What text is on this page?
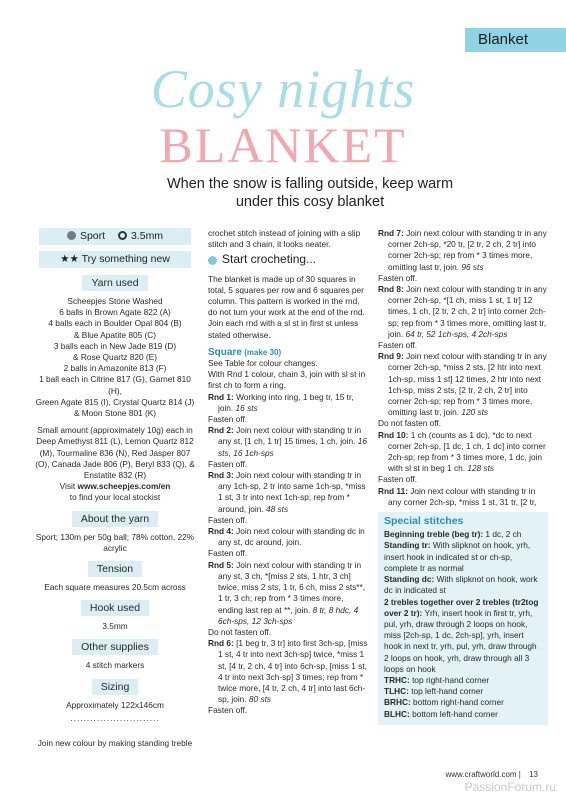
Blanket
Cosy nights
BLANKET
When the snow is falling outside, keep warm under this cosy blanket
Sport 3.5mm
★★ Try something new
Yarn used
Scheepjes Stone Washed
6 balls in Brown Agate 822 (A)
4 balls each in Boulder Opal 804 (B)
& Blue Apatite 805 (C)
3 balls each in New Jade 819 (D)
& Rose Quartz 820 (E)
2 balls in Amazonite 813 (F)
1 ball each in Citrine 817 (G), Garnet 810 (H),
Green Agate 815 (I), Crystal Quartz 814 (J)
& Moon Stone 801 (K)
Small amount (approximately 10g) each in Deep Amethyst 811 (L), Lemon Quartz 812 (M), Tourmaline 836 (N), Red Jasper 807 (O), Canada Jade 806 (P), Beryl 833 (Q), & Enstatite 832 (R)
Visit www.scheepjes.com/en
to find your local stockist
About the yarn
Sport; 130m per 50g ball; 78% cotton, 22% acrylic
Tension
Each square measures 20.5cm across
Hook used
3.5mm
Other supplies
4 stitch markers
Sizing
Approximately 122x146cm
...........................
Join new colour by making standing treble
crochet stitch instead of joining with a slip stitch and 3 chain, it looks neater.
Start crocheting...
The blanket is made up of 30 squares in total, 5 squares per row and 6 squares per column. This pattern is worked in the rnd, do not turn your work at the end of the rnd. Join each rnd with a sl st in first st unless stated otherwise.
Square (make 30)
See Table for colour changes.
With Rnd 1 colour, chain 3, join with sl st in first ch to form a ring.
Rnd 1: Working into ring, 1 beg tr, 15 tr, join. 16 sts
Fasten off.
Rnd 2: Join next colour with standing tr in any st, [1 ch, 1 tr] 15 times, 1 ch, join. 16 sts, 16 1ch-sps
Fasten off.
Rnd 3: Join next colour with standing tr in any 1ch-sp, 2 tr into same 1ch-sp, *miss 1 st, 3 tr into next 1ch-sp; rep from * around, join. 48 sts
Fasten off.
Rnd 4: Join next colour with standing dc in any st, dc around, join.
Fasten off.
Rnd 5: Join next colour with standing tr in any st, 3 ch, *[miss 2 sts, 1 htr, 3 ch] twice, miss 2 sts, 1 tr, 6 ch, miss 2 sts**, 1 tr, 3 ch; rep from * 3 times more, ending last rep at **, join. 8 tr, 8 hdc, 4 6ch-sps, 12 3ch-sps
Do not fasten off.
Rnd 6: [1 beg tr, 3 tr] into first 3ch-sp, [miss 1 st, 4 tr into next 3ch-sp] twice, *miss 1 st, [4 tr, 2 ch, 4 tr] into 6ch-sp, [miss 1 st, 4 tr into next 3ch-sp] 3 times; rep from * twice more, [4 tr, 2 ch, 4 tr] into last 6ch-sp, join. 80 sts
Fasten off.
Rnd 7: Join next colour with standing tr in any corner 2ch-sp, *20 tr, [2 tr, 2 ch, 2 tr] into corner 2ch-sp; rep from * 3 times more, omitting last tr, join. 96 sts
Fasten off.
Rnd 8: Join next colour with standing tr in any corner 2ch-sp, *[1 ch, miss 1 st, 1 tr] 12 times, 1 ch, [2 tr, 2 ch, 2 tr] into corner 2ch-sp; rep from * 3 times more, omitting last tr, join. 64 tr, 52 1ch-sps, 4 2ch-sps
Fasten off.
Rnd 9: Join next colour with standing tr in any corner 2ch-sp, *miss 2 sts, [2 htr into next 1ch-sp, miss 1 st] 12 times, 2 htr into next 1ch-sp, miss 2 sts, [2 tr, 2 ch, 2 tr] into corner 2ch-sp; rep from * 3 times more, omitting last tr, join. 120 sts
Do not fasten off.
Rnd 10: 1 ch (counts as 1 dc), *dc to next corner 2ch-sp, [1 dc, 1 ch, 1 dc] into corner 2ch-sp; rep from * 3 times more, 1 dc, join with sl st in beg 1 ch. 128 sts
Fasten off.
Rnd 11: Join next colour with standing tr in any corner 2ch-sp, *miss 1 st, 31 tr, [2 tr,
Special stitches
Beginning treble (beg tr): 1 dc, 2 ch
Standing tr: With slipknot on hook, yrh, insert hook in indicated st or ch-sp, complete tr as normal
Standing dc: With slipknot on hook, work dc in indicated st
2 trebles together over 2 trebles (tr2tog over 2 tr): Yrh, insert hook in first tr, yrh, pul, yrh, draw through 2 loops on hook, miss [2ch-sp, 1 dc, 2ch-sp], yrh, insert hook in next tr, yrh, pul, yrh, draw through 2 loops on hook, yrh, draw through all 3 loops on hook
TRHC: top right-hand corner
TLHC: top left-hand corner
BRHC: bottom right-hand corner
BLHC: bottom left-hand corner
www.craftworld.com | 13
PassionForum.ru
